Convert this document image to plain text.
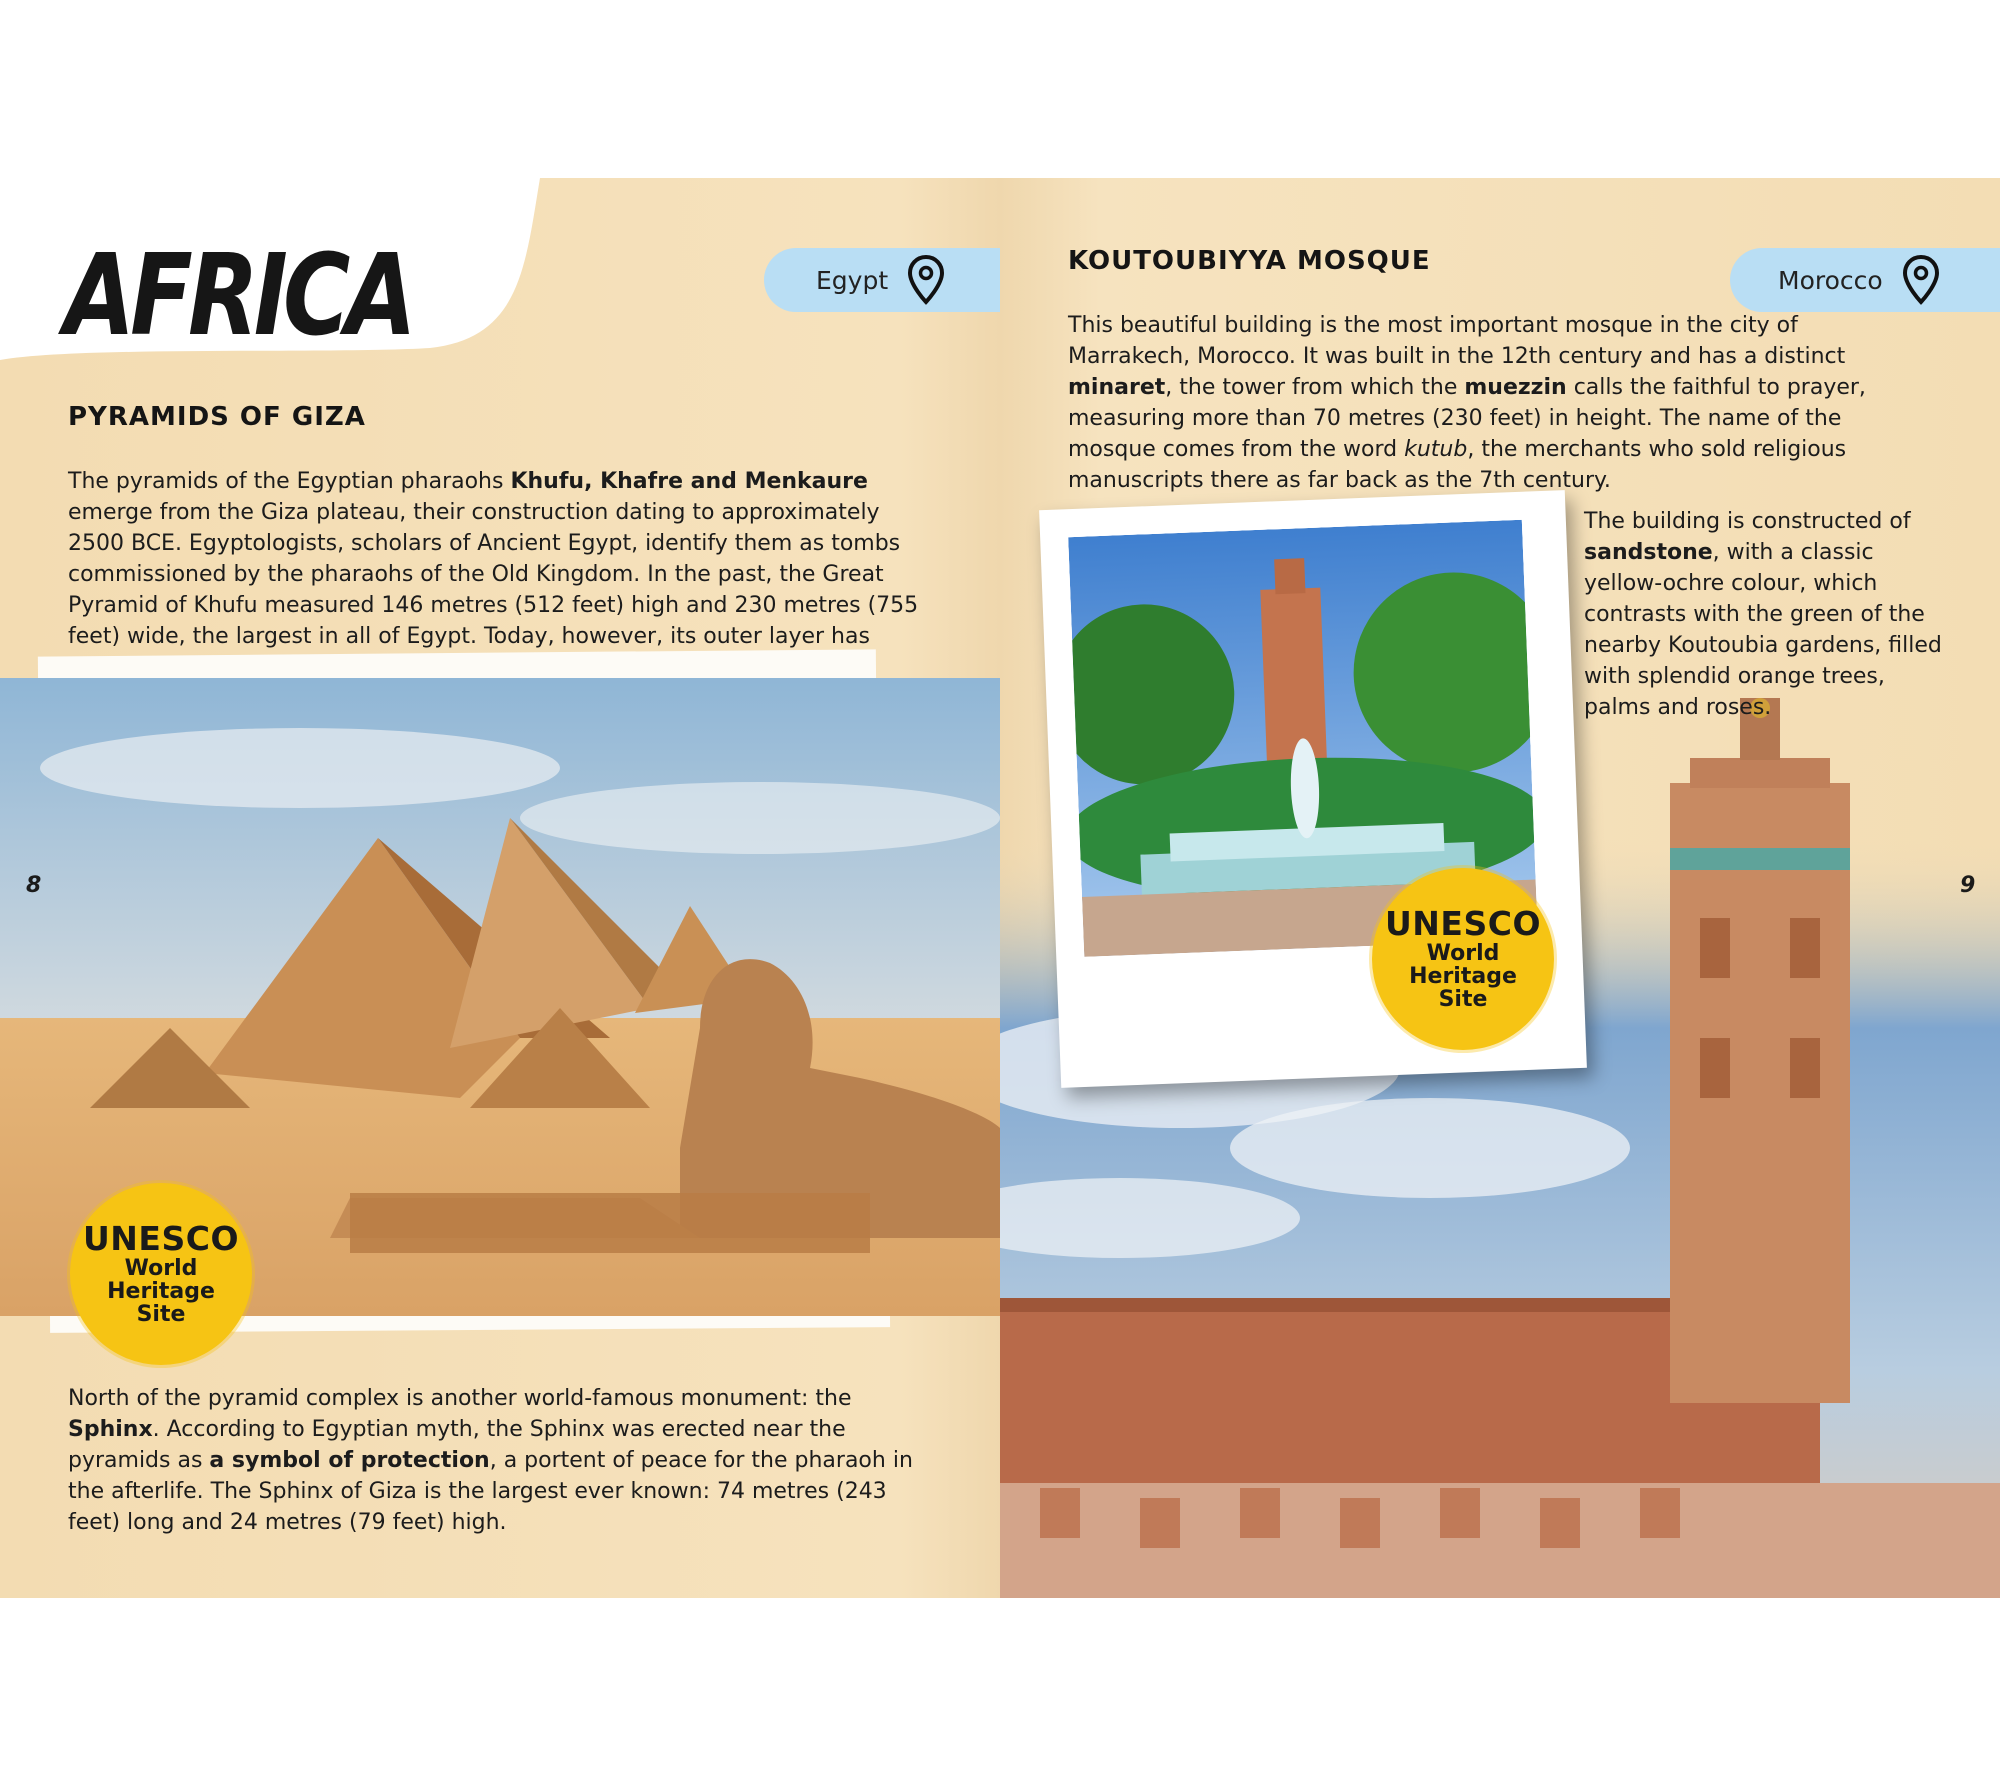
AFRICA	Egypt
PYRAMIDS OF GIZA

The pyramids of the Egyptian pharaohs Khufu, Khafre and Menkaure emerge from the Giza plateau, their construction dating to approximately 2500 BCE. Egyptologists, scholars of Ancient Egypt, identify them as tombs commissioned by the pharaohs of the Old Kingdom. In the past, the Great Pyramid of Khufu measured 146 metres (512 feet) high and 230 metres (755 feet) wide, the largest in all of Egypt. Today, however, its outer layer has

UNESCO
World
Heritage
Site

North of the pyramid complex is another world-famous monument: the Sphinx. According to Egyptian myth, the Sphinx was erected near the pyramids as a symbol of protection, a portent of peace for the pharaoh in the afterlife. The Sphinx of Giza is the largest ever known: 74 metres (243 feet) long and 24 metres (79 feet) high.

8
KOUTOUBIYYA MOSQUE
Morocco

This beautiful building is the most important mosque in the city of Marrakech, Morocco. It was built in the 12th century and has a distinct minaret, the tower from which the muezzin calls the faithful to prayer, measuring more than 70 metres (230 feet) in height. The name of the mosque comes from the word kutub, the merchants who sold religious manuscripts there as far back as the 7th century.

UNESCO
World
Heritage
Site

The building is constructed of sandstone, with a classic yellow-ochre colour, which contrasts with the green of the nearby Koutoubia gardens, filled with splendid orange trees, palms and roses.

9
